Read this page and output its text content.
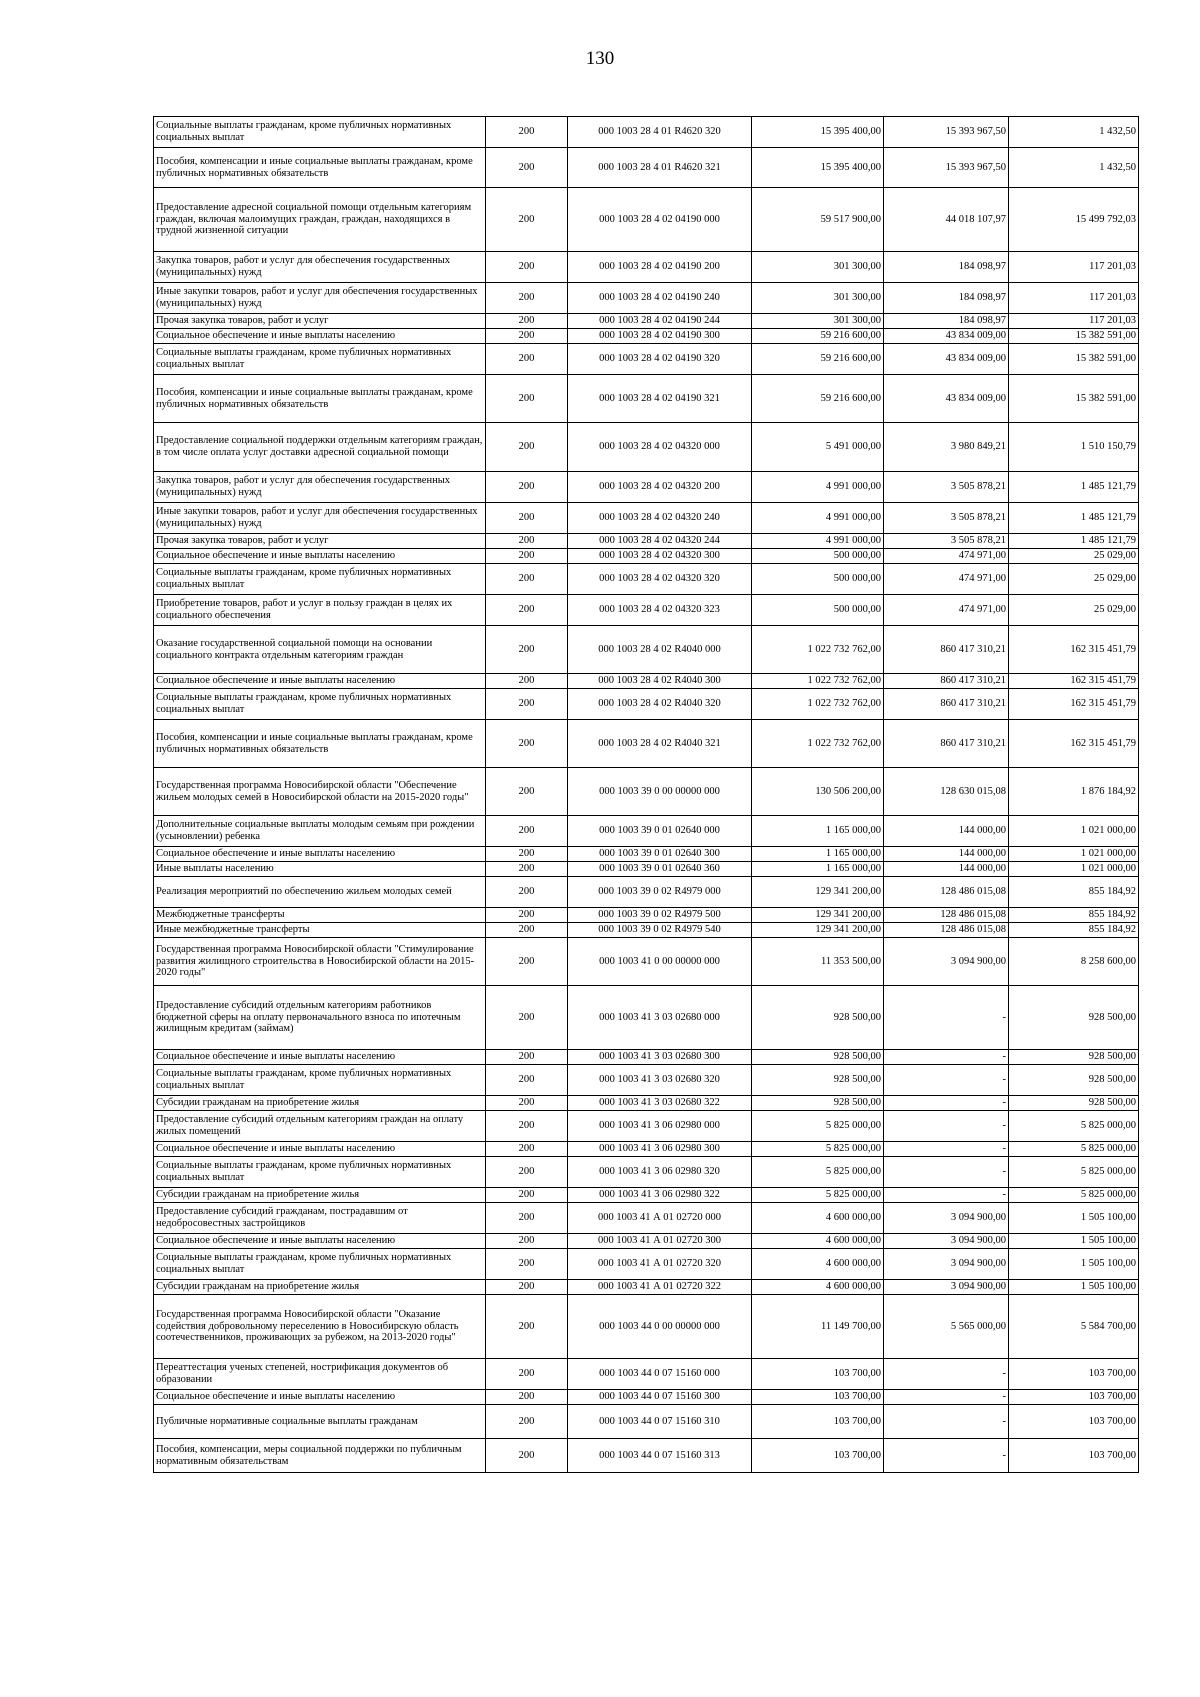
130
Социальные выплаты гражданам, кроме публичных нормативных социальных выплат	200	000 1003 28 4 01 R4620 320	15 395 400,00	15 393 967,50	1 432,50
Пособия, компенсации и иные социальные выплаты гражданам, кроме публичных нормативных обязательств	200	000 1003 28 4 01 R4620 321	15 395 400,00	15 393 967,50	1 432,50
Предоставление адресной социальной помощи отдельным категориям граждан, включая малоимущих граждан, граждан, находящихся в трудной жизненной ситуации	200	000 1003 28 4 02 04190 000	59 517 900,00	44 018 107,97	15 499 792,03
Закупка товаров, работ и услуг для обеспечения государственных (муниципальных) нужд	200	000 1003 28 4 02 04190 200	301 300,00	184 098,97	117 201,03
Иные закупки товаров, работ и услуг для обеспечения государственных (муниципальных) нужд	200	000 1003 28 4 02 04190 240	301 300,00	184 098,97	117 201,03
Прочая закупка товаров, работ и услуг	200	000 1003 28 4 02 04190 244	301 300,00	184 098,97	117 201,03
Социальное обеспечение и иные выплаты населению	200	000 1003 28 4 02 04190 300	59 216 600,00	43 834 009,00	15 382 591,00
Социальные выплаты гражданам, кроме публичных нормативных социальных выплат	200	000 1003 28 4 02 04190 320	59 216 600,00	43 834 009,00	15 382 591,00
Пособия, компенсации и иные социальные выплаты гражданам, кроме публичных нормативных обязательств	200	000 1003 28 4 02 04190 321	59 216 600,00	43 834 009,00	15 382 591,00
Предоставление социальной поддержки отдельным категориям граждан, в том числе оплата услуг доставки адресной социальной помощи	200	000 1003 28 4 02 04320 000	5 491 000,00	3 980 849,21	1 510 150,79
Закупка товаров, работ и услуг для обеспечения государственных (муниципальных) нужд	200	000 1003 28 4 02 04320 200	4 991 000,00	3 505 878,21	1 485 121,79
Иные закупки товаров, работ и услуг для обеспечения государственных (муниципальных) нужд	200	000 1003 28 4 02 04320 240	4 991 000,00	3 505 878,21	1 485 121,79
Прочая закупка товаров, работ и услуг	200	000 1003 28 4 02 04320 244	4 991 000,00	3 505 878,21	1 485 121,79
Социальное обеспечение и иные выплаты населению	200	000 1003 28 4 02 04320 300	500 000,00	474 971,00	25 029,00
Социальные выплаты гражданам, кроме публичных нормативных социальных выплат	200	000 1003 28 4 02 04320 320	500 000,00	474 971,00	25 029,00
Приобретение товаров, работ и услуг в пользу граждан в целях их социального обеспечения	200	000 1003 28 4 02 04320 323	500 000,00	474 971,00	25 029,00
Оказание государственной социальной помощи на основании социального контракта отдельным категориям граждан	200	000 1003 28 4 02 R4040 000	1 022 732 762,00	860 417 310,21	162 315 451,79
Социальное обеспечение и иные выплаты населению	200	000 1003 28 4 02 R4040 300	1 022 732 762,00	860 417 310,21	162 315 451,79
Социальные выплаты гражданам, кроме публичных нормативных социальных выплат	200	000 1003 28 4 02 R4040 320	1 022 732 762,00	860 417 310,21	162 315 451,79
Пособия, компенсации и иные социальные выплаты гражданам, кроме публичных нормативных обязательств	200	000 1003 28 4 02 R4040 321	1 022 732 762,00	860 417 310,21	162 315 451,79
Государственная программа Новосибирской области "Обеспечение жильем молодых семей в Новосибирской области на 2015-2020 годы"	200	000 1003 39 0 00 00000 000	130 506 200,00	128 630 015,08	1 876 184,92
Дополнительные социальные выплаты молодым семьям при рождении (усыновлении) ребенка	200	000 1003 39 0 01 02640 000	1 165 000,00	144 000,00	1 021 000,00
Социальное обеспечение и иные выплаты населению	200	000 1003 39 0 01 02640 300	1 165 000,00	144 000,00	1 021 000,00
Иные выплаты населению	200	000 1003 39 0 01 02640 360	1 165 000,00	144 000,00	1 021 000,00
Реализация мероприятий по обеспечению жильем молодых семей	200	000 1003 39 0 02 R4979 000	129 341 200,00	128 486 015,08	855 184,92
Межбюджетные трансферты	200	000 1003 39 0 02 R4979 500	129 341 200,00	128 486 015,08	855 184,92
Иные межбюджетные трансферты	200	000 1003 39 0 02 R4979 540	129 341 200,00	128 486 015,08	855 184,92
Государственная программа Новосибирской области "Стимулирование развития жилищного строительства в Новосибирской области на 2015-2020 годы"	200	000 1003 41 0 00 00000 000	11 353 500,00	3 094 900,00	8 258 600,00
Предоставление субсидий отдельным категориям работников бюджетной сферы на оплату первоначального взноса по ипотечным жилищным кредитам (займам)	200	000 1003 41 3 03 02680 000	928 500,00	-	928 500,00
Социальное обеспечение и иные выплаты населению	200	000 1003 41 3 03 02680 300	928 500,00	-	928 500,00
Социальные выплаты гражданам, кроме публичных нормативных социальных выплат	200	000 1003 41 3 03 02680 320	928 500,00	-	928 500,00
Субсидии гражданам на приобретение жилья	200	000 1003 41 3 03 02680 322	928 500,00	-	928 500,00
Предоставление субсидий отдельным категориям граждан на оплату жилых помещений	200	000 1003 41 3 06 02980 000	5 825 000,00	-	5 825 000,00
Социальное обеспечение и иные выплаты населению	200	000 1003 41 3 06 02980 300	5 825 000,00	-	5 825 000,00
Социальные выплаты гражданам, кроме публичных нормативных социальных выплат	200	000 1003 41 3 06 02980 320	5 825 000,00	-	5 825 000,00
Субсидии гражданам на приобретение жилья	200	000 1003 41 3 06 02980 322	5 825 000,00	-	5 825 000,00
Предоставление субсидий гражданам, пострадавшим от недобросовестных застройщиков	200	000 1003 41 А 01 02720 000	4 600 000,00	3 094 900,00	1 505 100,00
Социальное обеспечение и иные выплаты населению	200	000 1003 41 А 01 02720 300	4 600 000,00	3 094 900,00	1 505 100,00
Социальные выплаты гражданам, кроме публичных нормативных социальных выплат	200	000 1003 41 А 01 02720 320	4 600 000,00	3 094 900,00	1 505 100,00
Субсидии гражданам на приобретение жилья	200	000 1003 41 А 01 02720 322	4 600 000,00	3 094 900,00	1 505 100,00
Государственная программа Новосибирской области "Оказание содействия добровольному переселению в Новосибирскую область соотечественников, проживающих за рубежом, на 2013-2020 годы"	200	000 1003 44 0 00 00000 000	11 149 700,00	5 565 000,00	5 584 700,00
Переаттестация ученых степеней, нострификация документов об образовании	200	000 1003 44 0 07 15160 000	103 700,00	-	103 700,00
Социальное обеспечение и иные выплаты населению	200	000 1003 44 0 07 15160 300	103 700,00	-	103 700,00
Публичные нормативные социальные выплаты гражданам	200	000 1003 44 0 07 15160 310	103 700,00	-	103 700,00
Пособия, компенсации, меры социальной поддержки по публичным нормативным обязательствам	200	000 1003 44 0 07 15160 313	103 700,00	-	103 700,00
